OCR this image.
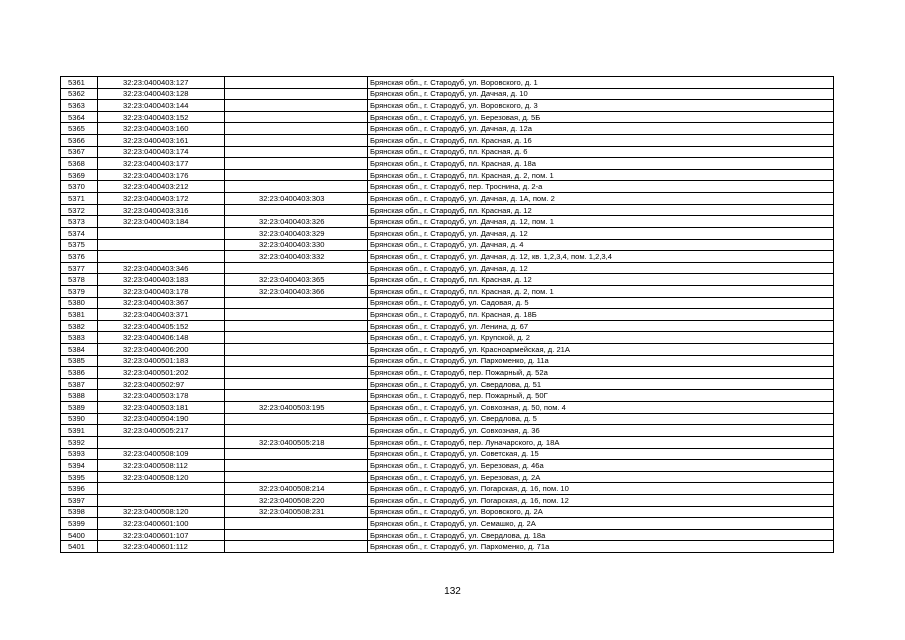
5361	32:23:0400403:127		Брянская обл., г. Стародуб, ул. Воровского, д. 1
5362	32:23:0400403:128		Брянская обл., г. Стародуб, ул. Дачная, д. 10
5363	32:23:0400403:144		Брянская обл., г. Стародуб, ул. Воровского, д. 3
5364	32:23:0400403:152		Брянская обл., г. Стародуб, ул. Березовая, д. 5Б
5365	32:23:0400403:160		Брянская обл., г. Стародуб, ул. Дачная, д. 12а
5366	32:23:0400403:161		Брянская обл., г. Стародуб, пл. Красная, д. 16
5367	32:23:0400403:174		Брянская обл., г. Стародуб, пл. Красная, д. 6
5368	32:23:0400403:177		Брянская обл., г. Стародуб, пл. Красная, д. 18а
5369	32:23:0400403:176		Брянская обл., г. Стародуб, пл. Красная, д. 2, пом. 1
5370	32:23:0400403:212		Брянская обл., г. Стародуб, пер. Троснина, д. 2-а
5371	32:23:0400403:172	32:23:0400403:303	Брянская обл., г. Стародуб, ул. Дачная, д. 1А, пом. 2
5372	32:23:0400403:316		Брянская обл., г. Стародуб, пл. Красная, д. 12
5373	32:23:0400403:184	32:23:0400403:326	Брянская обл., г. Стародуб, ул. Дачная, д. 12, пом. 1
5374		32:23:0400403:329	Брянская обл., г. Стародуб, ул. Дачная, д. 12
5375		32:23:0400403:330	Брянская обл., г. Стародуб, ул. Дачная, д. 4
5376		32:23:0400403:332	Брянская обл., г. Стародуб, ул. Дачная, д. 12, кв. 1,2,3,4, пом. 1,2,3,4
5377	32:23:0400403:346		Брянская обл., г. Стародуб, ул. Дачная, д. 12
5378	32:23:0400403:183	32:23:0400403:365	Брянская обл., г. Стародуб, пл. Красная, д. 12
5379	32:23:0400403:178	32:23:0400403:366	Брянская обл., г. Стародуб, пл. Красная, д. 2, пом. 1
5380	32:23:0400403:367		Брянская обл., г. Стародуб, ул. Садовая, д. 5
5381	32:23:0400403:371		Брянская обл., г. Стародуб, пл. Красная, д. 18Б
5382	32:23:0400405:152		Брянская обл., г. Стародуб, ул. Ленина, д. 67
5383	32:23:0400406:148		Брянская обл., г. Стародуб, ул. Крупской, д. 2
5384	32:23:0400406:200		Брянская обл., г. Стародуб, ул. Красноармейская, д. 21А
5385	32:23:0400501:183		Брянская обл., г. Стародуб, ул. Пархоменко, д. 11а
5386	32:23:0400501:202		Брянская обл., г. Стародуб, пер. Пожарный, д. 52а
5387	32:23:0400502:97		Брянская обл., г. Стародуб, ул. Свердлова, д. 51
5388	32:23:0400503:178		Брянская обл., г. Стародуб, пер. Пожарный, д. 50Г
5389	32:23:0400503:181	32:23:0400503:195	Брянская обл., г. Стародуб, ул. Совхозная, д. 50, пом. 4
5390	32:23:0400504:190		Брянская обл., г. Стародуб, ул. Свердлова, д. 5
5391	32:23:0400505:217		Брянская обл., г. Стародуб, ул. Совхозная, д. 36
5392		32:23:0400505:218	Брянская обл., г. Стародуб, пер. Луначарского, д. 18А
5393	32:23:0400508:109		Брянская обл., г. Стародуб, ул. Советская, д. 15
5394	32:23:0400508:112		Брянская обл., г. Стародуб, ул. Березовая, д. 46а
5395	32:23:0400508:120		Брянская обл., г. Стародуб, ул. Березовая, д. 2А
5396		32:23:0400508:214	Брянская обл., г. Стародуб, ул. Погарская, д. 16, пом. 10
5397		32:23:0400508:220	Брянская обл., г. Стародуб, ул. Погарская, д. 16, пом. 12
5398	32:23:0400508:120	32:23:0400508:231	Брянская обл., г. Стародуб, ул. Воровского, д. 2А
5399	32:23:0400601:100		Брянская обл., г. Стародуб, ул. Семашко, д. 2А
5400	32:23:0400601:107		Брянская обл., г. Стародуб, ул. Свердлова, д. 18а
5401	32:23:0400601:112		Брянская обл., г. Стародуб, ул. Пархоменко, д. 71а
132
